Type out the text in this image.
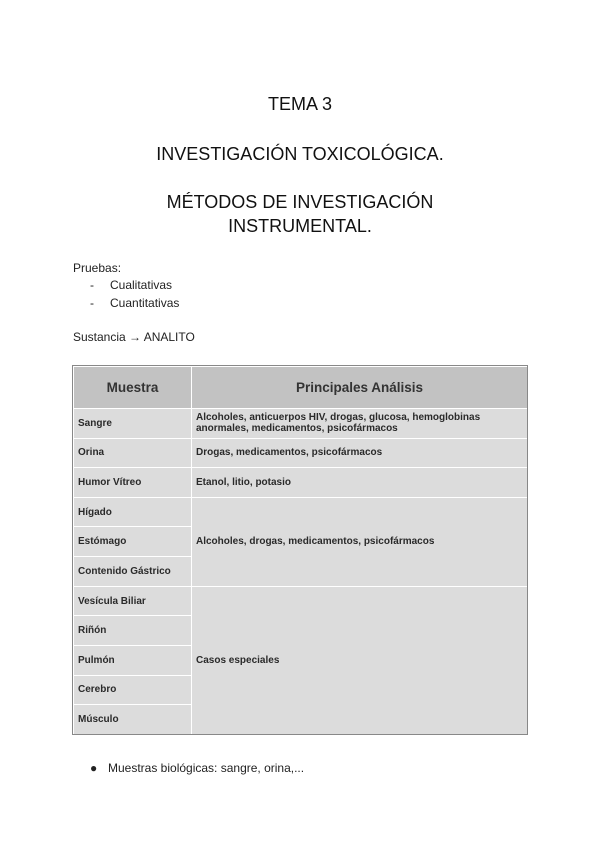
TEMA 3
INVESTIGACIÓN TOXICOLÓGICA.
MÉTODOS DE INVESTIGACIÓN
INSTRUMENTAL.
Pruebas:
- Cualitativas
- Cuantitativas
Sustancia → ANALITO
Muestra	Principales Análisis
Sangre	Alcoholes, anticuerpos HIV, drogas, glucosa, hemoglobinas anormales, medicamentos, psicofármacos
Orina	Drogas, medicamentos, psicofármacos
Humor Vítreo	Etanol, litio, potasio
Hígado	Alcoholes, drogas, medicamentos, psicofármacos
Estómago	
Contenido Gástrico	
Vesícula Biliar	Casos especiales
Riñón	
Pulmón	
Cerebro	
Músculo	
● Muestras biológicas: sangre, orina,...
